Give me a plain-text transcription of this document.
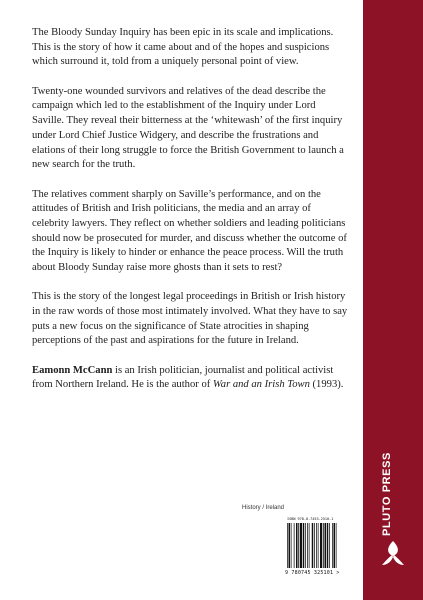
The Bloody Sunday Inquiry has been epic in its scale and implications. This is the story of how it came about and of the hopes and suspicions which surround it, told from a uniquely personal point of view.

Twenty-one wounded survivors and relatives of the dead describe the campaign which led to the establishment of the Inquiry under Lord Saville. They reveal their bitterness at the ‘whitewash’ of the first inquiry under Lord Chief Justice Widgery, and describe the frustrations and elations of their long struggle to force the British Government to launch a new search for the truth.

The relatives comment sharply on Saville’s performance, and on the attitudes of British and Irish politicians, the media and an array of celebrity lawyers. They reflect on whether soldiers and leading politicians should now be prosecuted for murder, and discuss whether the outcome of the Inquiry is likely to hinder or enhance the peace process. Will the truth about Bloody Sunday raise more ghosts than it sets to rest?

This is the story of the longest legal proceedings in British or Irish history in the raw words of those most intimately involved. What they have to say puts a new focus on the significance of State atrocities in shaping perceptions of the past and aspirations for the future in Ireland.

Eamonn McCann is an Irish politician, journalist and political activist from Northern Ireland. He is the author of War and an Irish Town (1993).

History / Ireland
ISBN 978-0-7453-2510-1
9 780745 325101 >
PLUTO PRESS
